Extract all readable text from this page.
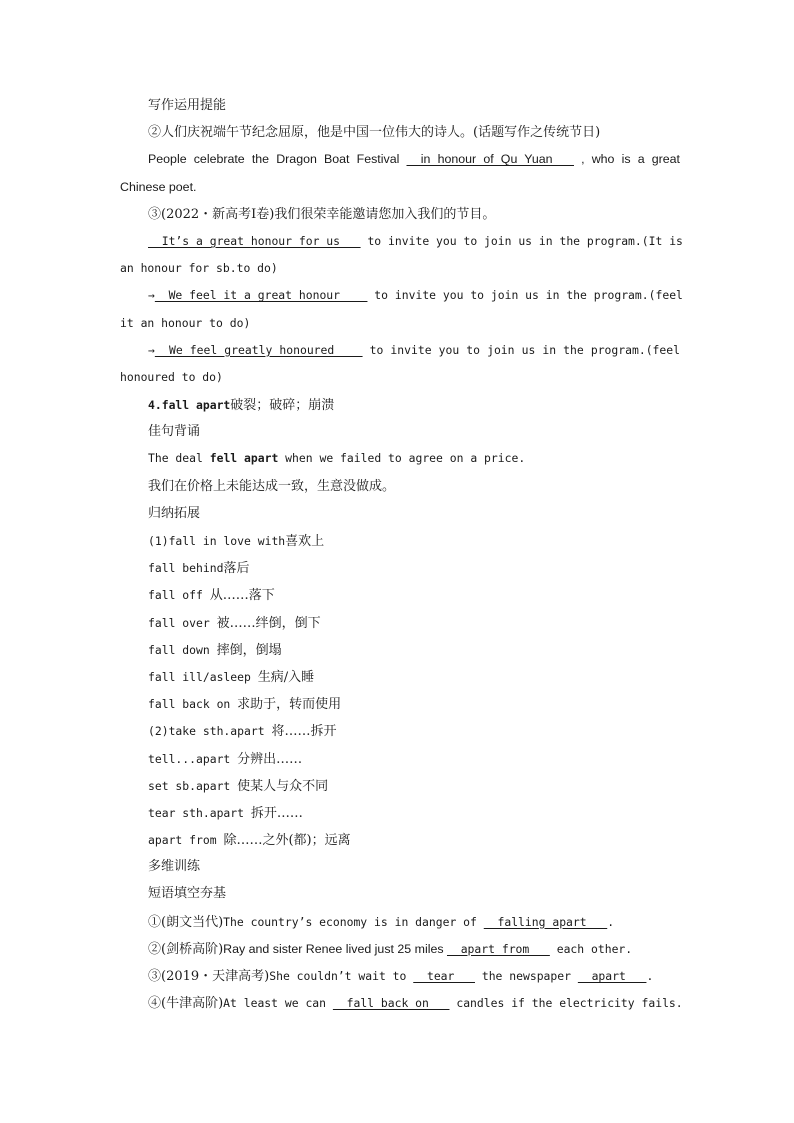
写作运用提能
②人们庆祝端午节纪念屈原，他是中国一位伟大的诗人。(话题写作之传统节日)
People celebrate the Dragon Boat Festival   in honour of Qu Yuan    , who is a great
Chinese poet.
③(2022・新高考Ⅰ卷)我们很荣幸能邀请您加入我们的节目。
It’s a great honour for us    to invite you to join us in the program.(It is
an honour for sb.to do)
→  We feel it a great honour     to invite you to join us in the program.(feel
it an honour to do)
→  We feel greatly honoured     to invite you to join us in the program.(feel
honoured to do)
4.fall apart破裂；破碎；崩溃
佳句背诵
The deal fell apart when we failed to agree on a price.
我们在价格上未能达成一致，生意没做成。
归纳拓展
(1)fall in love with喜欢上
fall behind落后
fall off 从……落下
fall over 被……绊倒，倒下
fall down 摔倒，倒塌
fall ill/asleep 生病/入睡
fall back on 求助于，转而使用
(2)take sth.apart 将……拆开
tell...apart 分辨出……
set sb.apart 使某人与众不同
tear sth.apart 拆开……
apart from 除……之外(都)；远离
多维训练
短语填空夯基
①(朗文当代)The country’s economy is in danger of   falling apart   .
②(剑桥高阶)Ray and sister Renee lived just 25 miles   apart from    each other.
③(2019・天津高考)She couldn’t wait to   tear    the newspaper   apart   .
④(牛津高阶)At least we can   fall back on    candles if the electricity fails.
